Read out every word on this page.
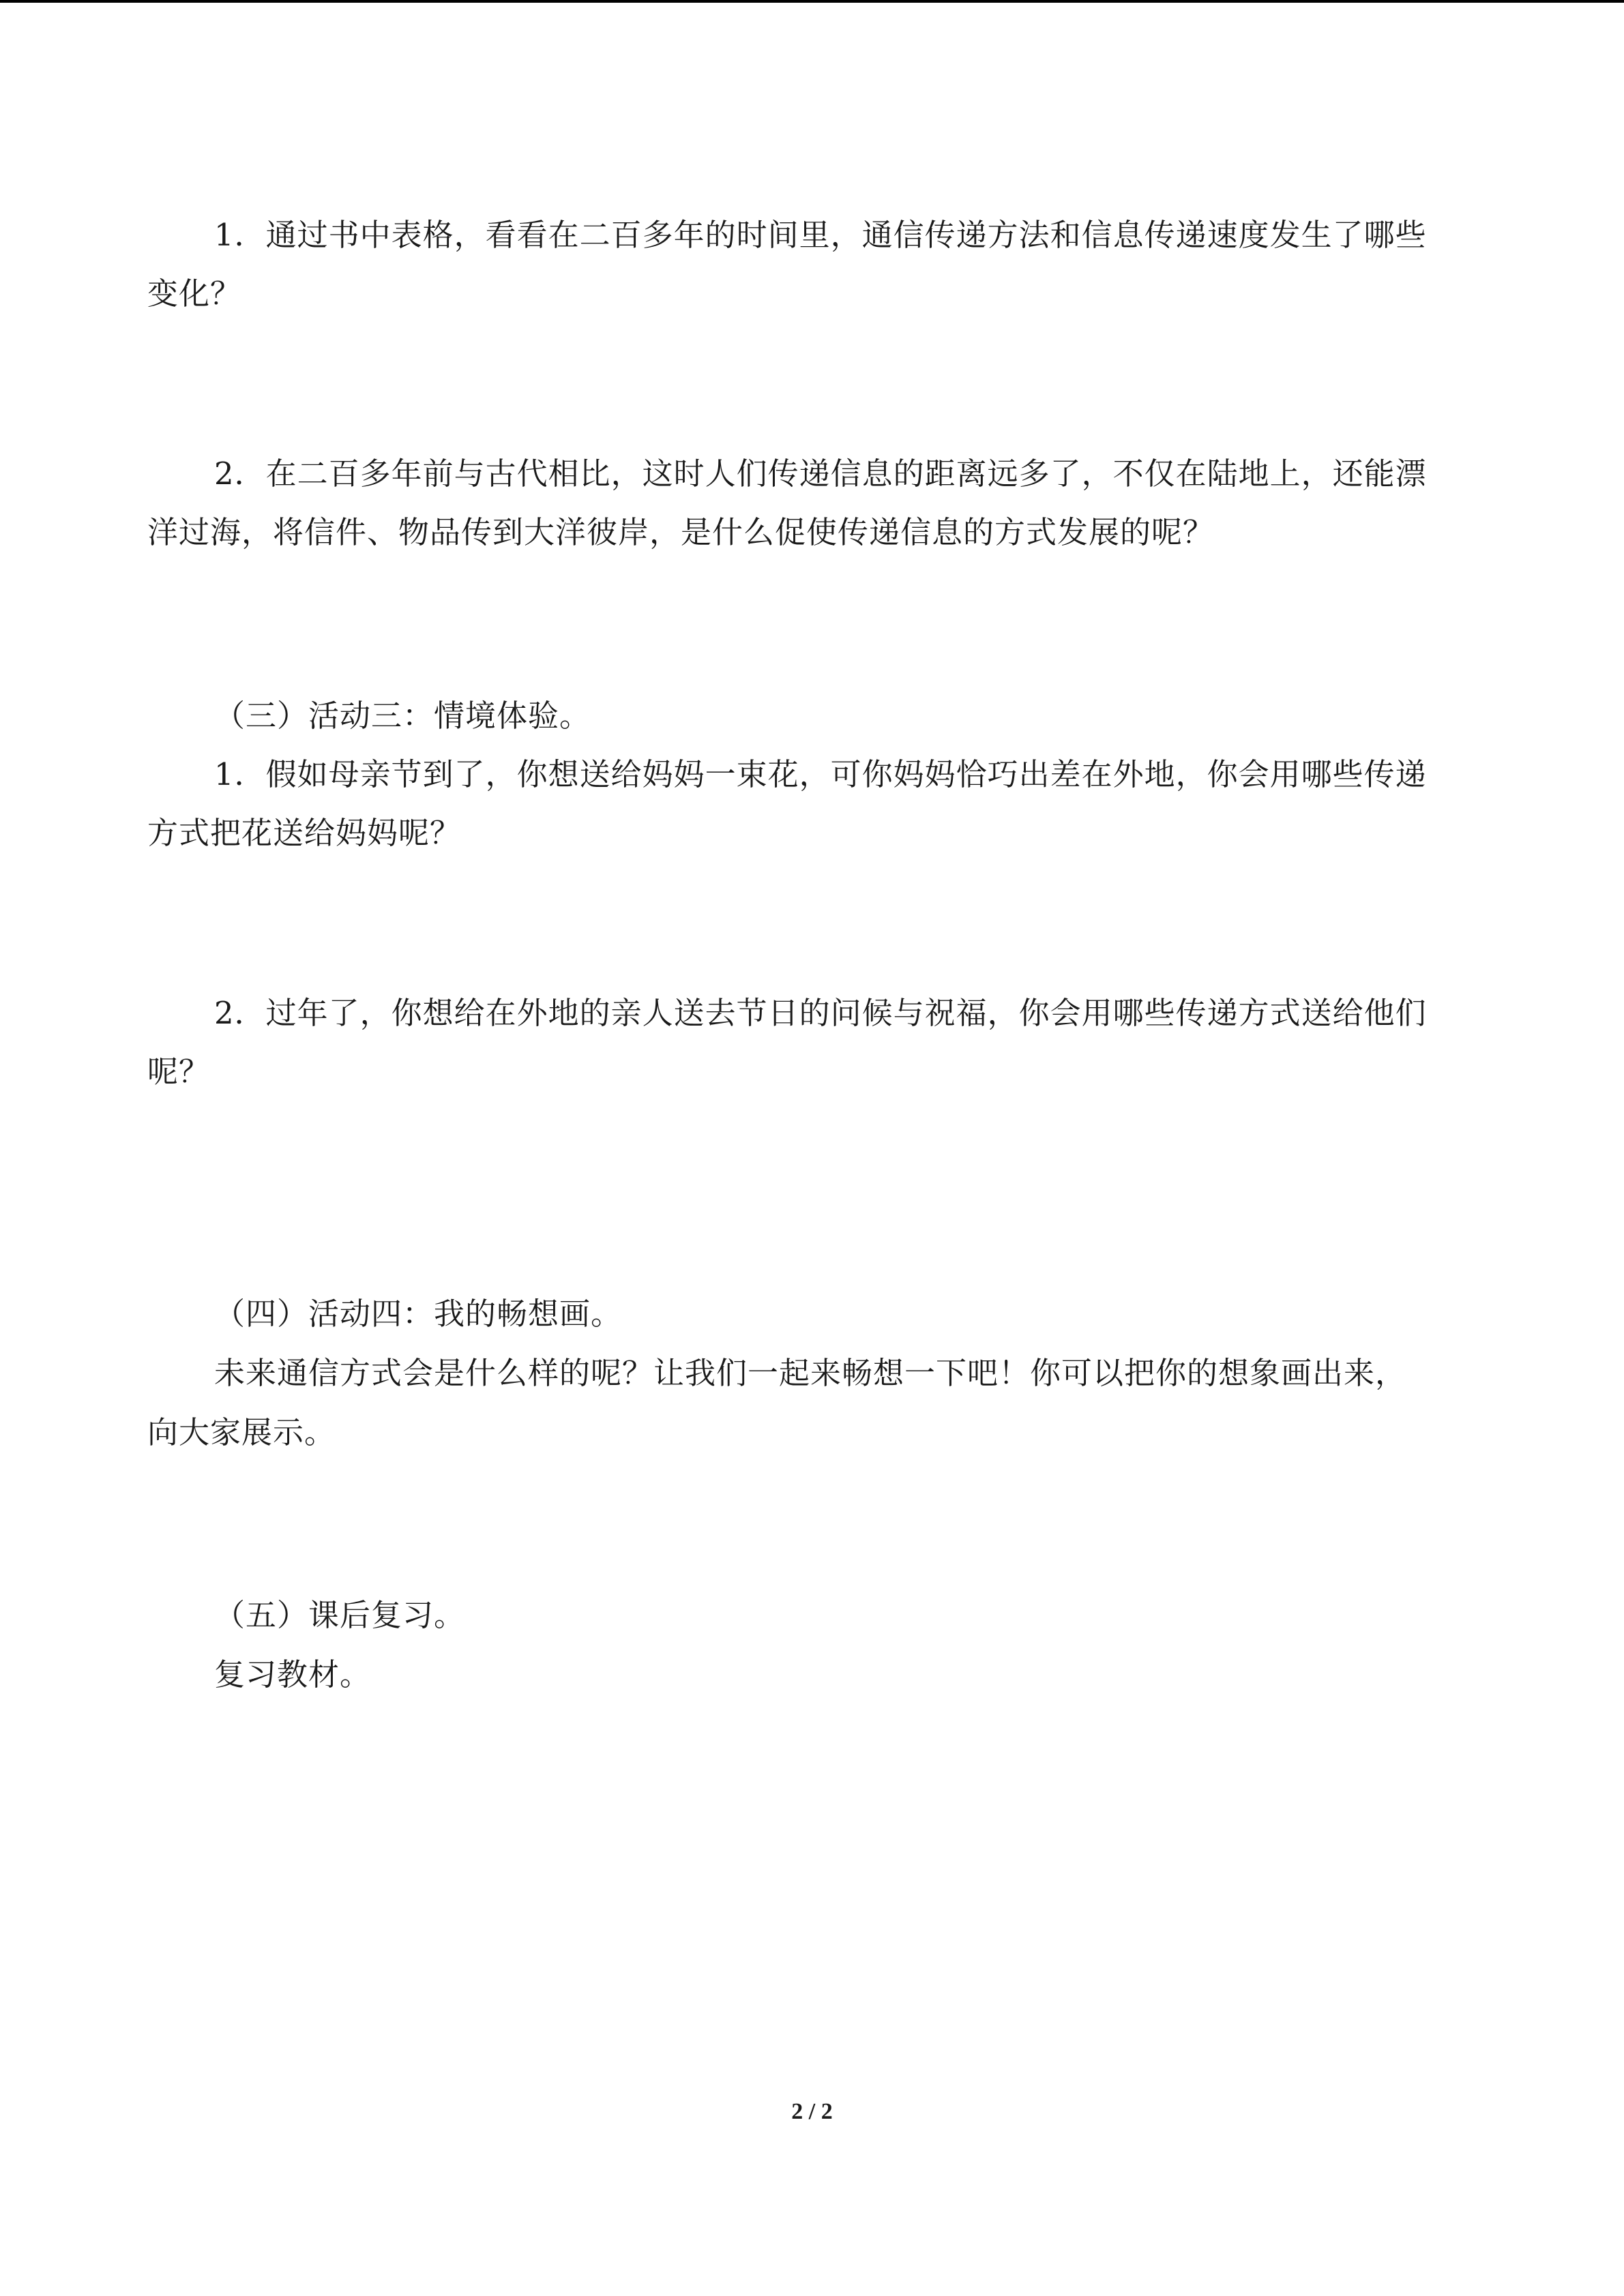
1．通过书中表格，看看在二百多年的时间里，通信传递方法和信息传递速度发生了哪些
变化？
2．在二百多年前与古代相比，这时人们传递信息的距离远多了，不仅在陆地上，还能漂
洋过海，将信件、物品传到大洋彼岸，是什么促使传递信息的方式发展的呢？
（三）活动三：情境体验。
1．假如母亲节到了，你想送给妈妈一束花，可你妈妈恰巧出差在外地，你会用哪些传递
方式把花送给妈妈呢？
2．过年了，你想给在外地的亲人送去节日的问候与祝福，你会用哪些传递方式送给他们
呢？
（四）活动四：我的畅想画。
未来通信方式会是什么样的呢？让我们一起来畅想一下吧！你可以把你的想象画出来，
向大家展示。
（五）课后复习。
复习教材。
2 / 2
